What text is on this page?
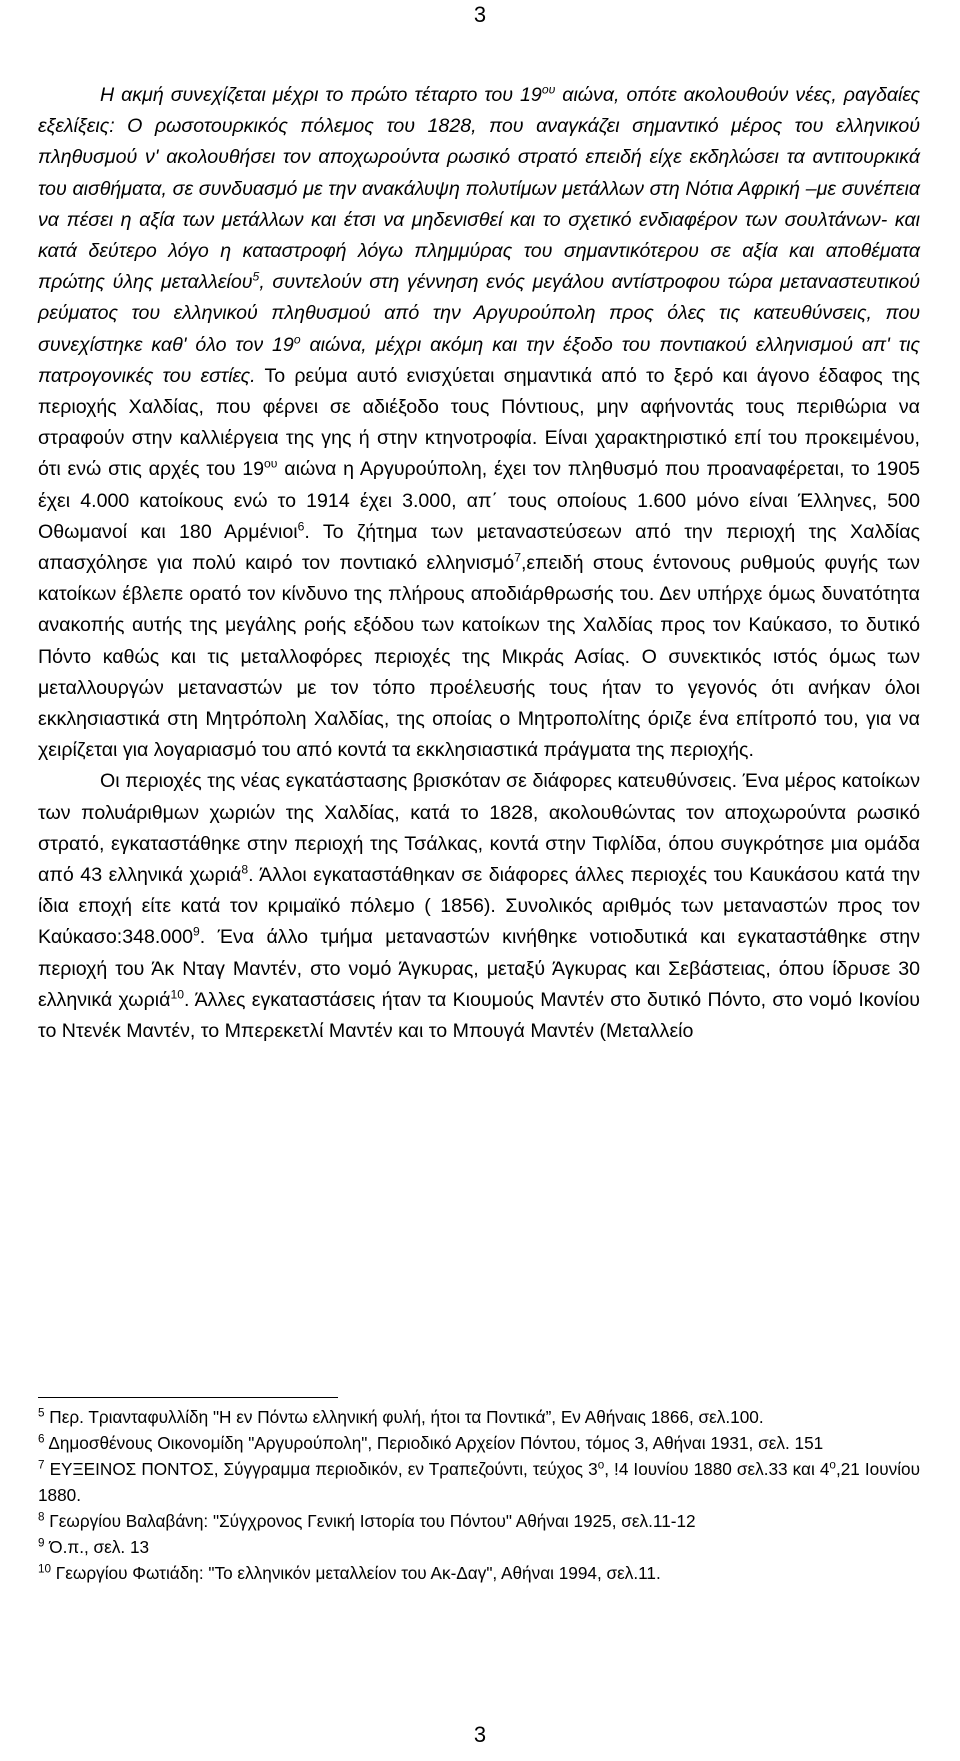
3

Η ακμή συνεχίζεται μέχρι το πρώτο τέταρτο του $19^{o\upsilon}$ αιώνα, οπότε ακολουθούν νέες, ραγδαίες εξελίξεις: Ο ρωσοτουρκικός πόλεμος του 1828, που αναγκάζει σημαντικό μέρος του ελληνικού πληθυσμού ν' ακολουθήσει τον αποχωρούντα ρωσικό στρατό επειδή είχε εκδηλώσει τα αντιτουρκικά του αισθήματα, σε συνδυασμό με την ανακάλυψη πολυτίμων μετάλλων στη Νότια Αφρική –με συνέπεια να πέσει η αξία των μετάλλων και έτσι να μηδενισθεί και το σχετικό ενδιαφέρον των σουλτάνων- και κατά δεύτερο λόγο η καταστροφή λόγω πλημμύρας του σημαντικότερου σε αξία και αποθέματα πρώτης ύλης μεταλλείου$^5$, συντελούν στη γέννηση ενός μεγάλου αντίστροφου τώρα μεταναστευτικού ρεύματος του ελληνικού πληθυσμού από την Αργυρούπολη προς όλες τις κατευθύνσεις, που συνεχίστηκε καθ' όλο τον $19^o$ αιώνα, μέχρι ακόμη και την έξοδο του ποντιακού ελληνισμού απ' τις πατρογονικές του εστίες. Το ρεύμα αυτό ενισχύεται σημαντικά από το ξερό και άγονο έδαφος της περιοχής Χαλδίας, που φέρνει σε αδιέξοδο τους Πόντιους, μην αφήνοντάς τους περιθώρια να στραφούν στην καλλιέργεια της γης ή στην κτηνοτροφία. Είναι χαρακτηριστικό επί του προκειμένου, ότι ενώ στις αρχές του $19^{o\upsilon}$ αιώνα η Αργυρούπολη, έχει τον πληθυσμό που προαναφέρεται, το 1905 έχει 4.000 κατοίκους ενώ το 1914 έχει 3.000, απ΄ τους οποίους 1.600 μόνο είναι Έλληνες, 500 Οθωμανοί και 180 Αρμένιοι$^6$. Το ζήτημα των μεταναστεύσεων από την περιοχή της Χαλδίας απασχόλησε για πολύ καιρό τον ποντιακό ελληνισμό$^7$,επειδή στους έντονους ρυθμούς φυγής των κατοίκων έβλεπε ορατό τον κίνδυνο της πλήρους αποδιάρθρωσής του. Δεν υπήρχε όμως δυνατότητα ανακοπής αυτής της μεγάλης ροής εξόδου των κατοίκων της Χαλδίας προς τον Καύκασο, το δυτικό Πόντο καθώς και τις μεταλλοφόρες περιοχές της Μικράς Ασίας. Ο συνεκτικός ιστός όμως των μεταλλουργών μεταναστών με τον τόπο προέλευσής τους ήταν το γεγονός ότι ανήκαν όλοι εκκλησιαστικά στη Μητρόπολη Χαλδίας, της οποίας ο Μητροπολίτης όριζε ένα επίτροπό του, για να χειρίζεται για λογαριασμό του από κοντά τα εκκλησιαστικά πράγματα της περιοχής.

Οι περιοχές της νέας εγκατάστασης βρισκόταν σε διάφορες κατευθύνσεις. Ένα μέρος κατοίκων των πολυάριθμων χωριών της Χαλδίας, κατά το 1828, ακολουθώντας τον αποχωρούντα ρωσικό στρατό, εγκαταστάθηκε στην περιοχή της Τσάλκας, κοντά στην Τιφλίδα, όπου συγκρότησε μια ομάδα από 43 ελληνικά χωριά$^8$. Άλλοι εγκαταστάθηκαν σε διάφορες άλλες περιοχές του Καυκάσου κατά την ίδια εποχή είτε κατά τον κριμαϊκό πόλεμο ( 1856). Συνολικός αριθμός των μεταναστών προς τον Καύκασο:348.000$^9$. Ένα άλλο τμήμα μεταναστών κινήθηκε νοτιοδυτικά και εγκαταστάθηκε στην περιοχή του Άκ Νταγ Μαντέν, στο νομό Άγκυρας, μεταξύ Άγκυρας και Σεβάστειας, όπου ίδρυσε 30 ελληνικά χωριά$^{10}$. Άλλες εγκαταστάσεις ήταν τα Κιουμούς Μαντέν στο δυτικό Πόντο, στο νομό Ικονίου το Ντενέκ Μαντέν, το Μπερεκετλί Μαντέν και το Μπουγά Μαντέν (Μεταλλείο

$^5$ Περ. Τριανταφυλλίδη "Η εν Πόντω ελληνική φυλή, ήτοι τα Ποντικά”, Εν Αθήναις 1866, σελ.100.

$^6$ Δημοσθένους Οικονομίδη "Αργυρούπολη", Περιοδικό Αρχείον Πόντου, τόμος 3, Αθήναι 1931, σελ. 151

$^7$ ΕΥΞΕΙΝΟΣ ΠΟΝΤΟΣ, Σύγγραμμα περιοδικόν, εν Τραπεζούντι, τεύχος $3^o$, !4 Ιουνίου 1880 σελ.33 και $4^o,21$ Ιουνίου 1880.

$^8$ Γεωργίου Βαλαβάνη: "Σύγχρονος Γενική Ιστορία του Πόντου" Αθήναι 1925, σελ.11-12

$^9$ Ό.π., σελ. 13

$^{10}$ Γεωργίου Φωτιάδη: "Το ελληνικόν μεταλλείον του Ακ-Δαγ", Αθήναι 1994, σελ.11.

3
